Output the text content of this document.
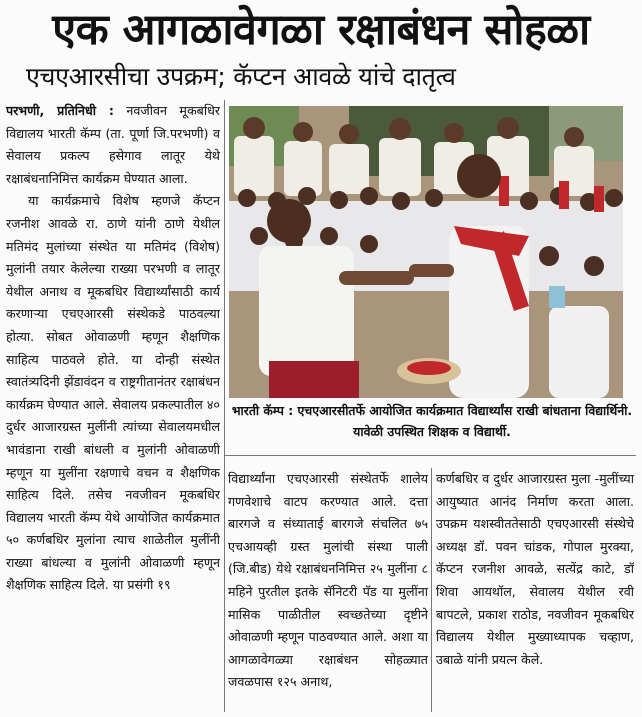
एक आगळावेगळा रक्षाबंधन सोहळा
एचएआरसीचा उपक्रम; कॅप्टन आवळे यांचे दातृत्व

परभणी, प्रतिनिधी : नवजीवन मूकबधिर विद्यालय भारती कॅम्प (ता. पूर्णा जि.परभणी) व सेवालय प्रकल्प हसेगाव लातूर येथे रक्षाबंधनानिमित्त कार्यक्रम घेण्यात आला.

या कार्यक्रमाचे विशेष म्हणजे कॅप्टन रजनीश आवळे रा. ठाणे यांनी ठाणे येथील मतिमंद मुलांच्या संस्थेत या मतिमंद (विशेष) मुलांनी तयार केलेल्या राख्या परभणी व लातूर येथील अनाथ व मूकबधिर विद्यार्थ्यांसाठी कार्य करणाऱ्या एचएआरसी संस्थेकडे पाठवल्या होत्या. सोबत ओवाळणी म्हणून शैक्षणिक साहित्य पाठवले होते. या दोन्ही संस्थेत स्वातंत्र्यदिनी झेंडावंदन व राष्ट्रगीतानंतर रक्षाबंधन कार्यक्रम घेण्यात आले. सेवालय प्रकल्पातील ४० दुर्धर आजारग्रस्त मुलींनी त्यांच्या सेवालयमधील भावंडाना राखी बांधली व मुलांनी ओवाळणी म्हणून या मुलींना रक्षणाचे वचन व शैक्षणिक साहित्य दिले. तसेच नवजीवन मूकबधिर विद्यालय भारती कॅम्प येथे आयोजित कार्यक्रमात ५० कर्णबधिर मुलांना त्याच शाळेतील मुलींनी राख्या बांधल्या व मुलांनी ओवाळणी म्हणून शैक्षणिक साहित्य दिले. या प्रसंगी १९

भारती कॅम्प : एचएआरसीतर्फे आयोजित कार्यक्रमात विद्यार्थ्यांस राखी बांधताना विद्यार्थिनी. यावेळी उपस्थित शिक्षक व विद्यार्थी.

विद्यार्थ्यांना एचएआरसी संस्थेतर्फे शालेय गणवेशाचे वाटप करण्यात आले. दत्ता बारगजे व संध्याताई बारगजे संचलित ७५ एचआयव्ही ग्रस्त मुलांची संस्था पाली (जि.बीड) येथे रक्षाबंधननिमित्त २५ मुलींना ८ महिने पुरतील इतके सॅनिटरी पॅड या मुलींना मासिक पाळीतील स्वच्छतेच्या दृष्टीने ओवाळणी म्हणून पाठवण्यात आले. अशा या आगळावेगळ्या रक्षाबंधन सोहळ्यात जवळपास १२५ अनाथ,

कर्णबधिर व दुर्धर आजारग्रस्त मुला -मुलींच्या आयुष्यात आनंद निर्माण करता आला. उपक्रम यशस्वीततेसाठी एचएआरसी संस्थेचे अध्यक्ष डॉ. पवन चांडक, गोपाल मुरक्या, कॅप्टन रजनीश आवळे, सत्येंद्र काटे, डॉ शिवा आयथॉल, सेवालय येथील रवी बापटले, प्रकाश राठोड, नवजीवन मूकबधिर विद्यालय येथील मुख्याध्यापक चव्हाण, उबाळे यांनी प्रयत्न केले.
